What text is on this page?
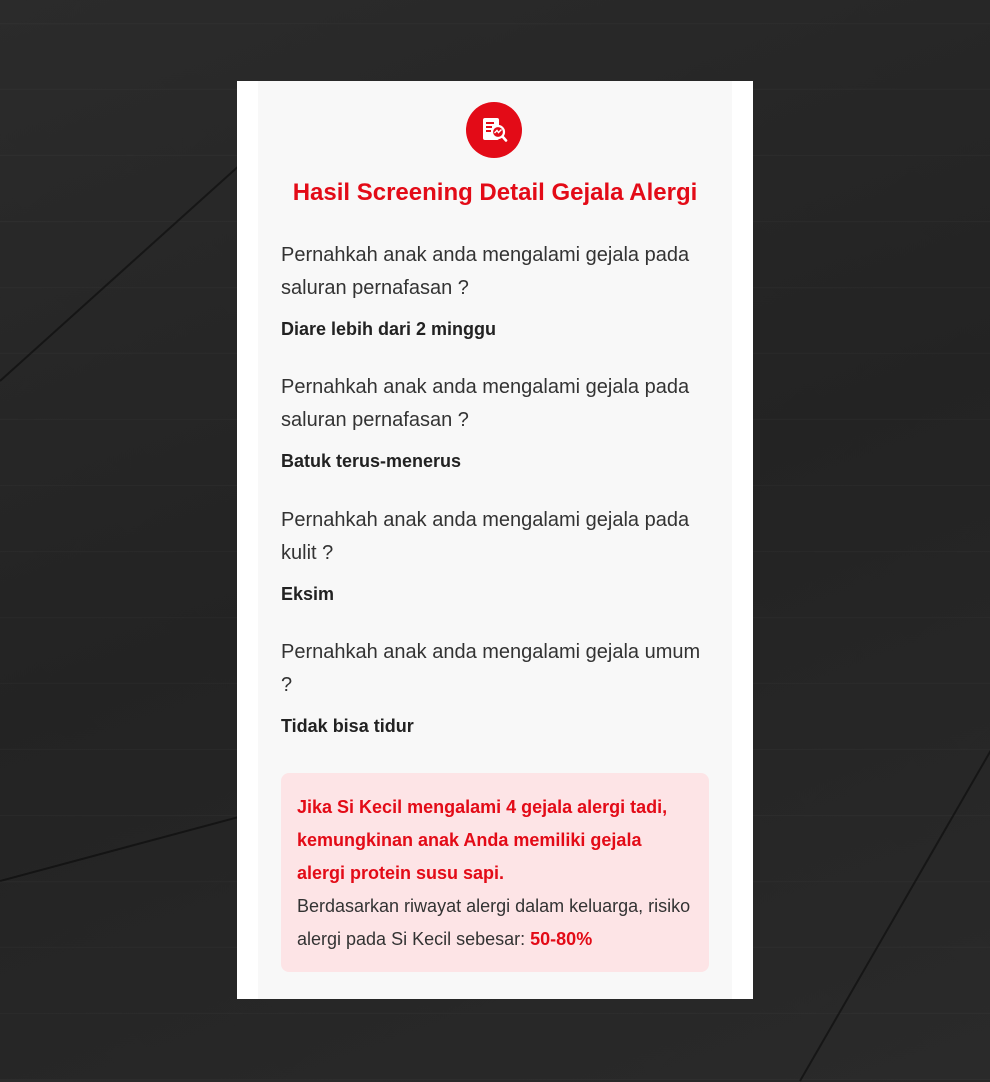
Hasil Screening Detail Gejala Alergi

Pernahkah anak anda mengalami gejala pada saluran pernafasan ?

Diare lebih dari 2 minggu

Pernahkah anak anda mengalami gejala pada saluran pernafasan ?

Batuk terus-menerus

Pernahkah anak anda mengalami gejala pada kulit ?

Eksim

Pernahkah anak anda mengalami gejala umum ?

Tidak bisa tidur

Jika Si Kecil mengalami 4 gejala alergi tadi, kemungkinan anak Anda memiliki gejala alergi protein susu sapi.

Berdasarkan riwayat alergi dalam keluarga, risiko alergi pada Si Kecil sebesar: 50-80%
